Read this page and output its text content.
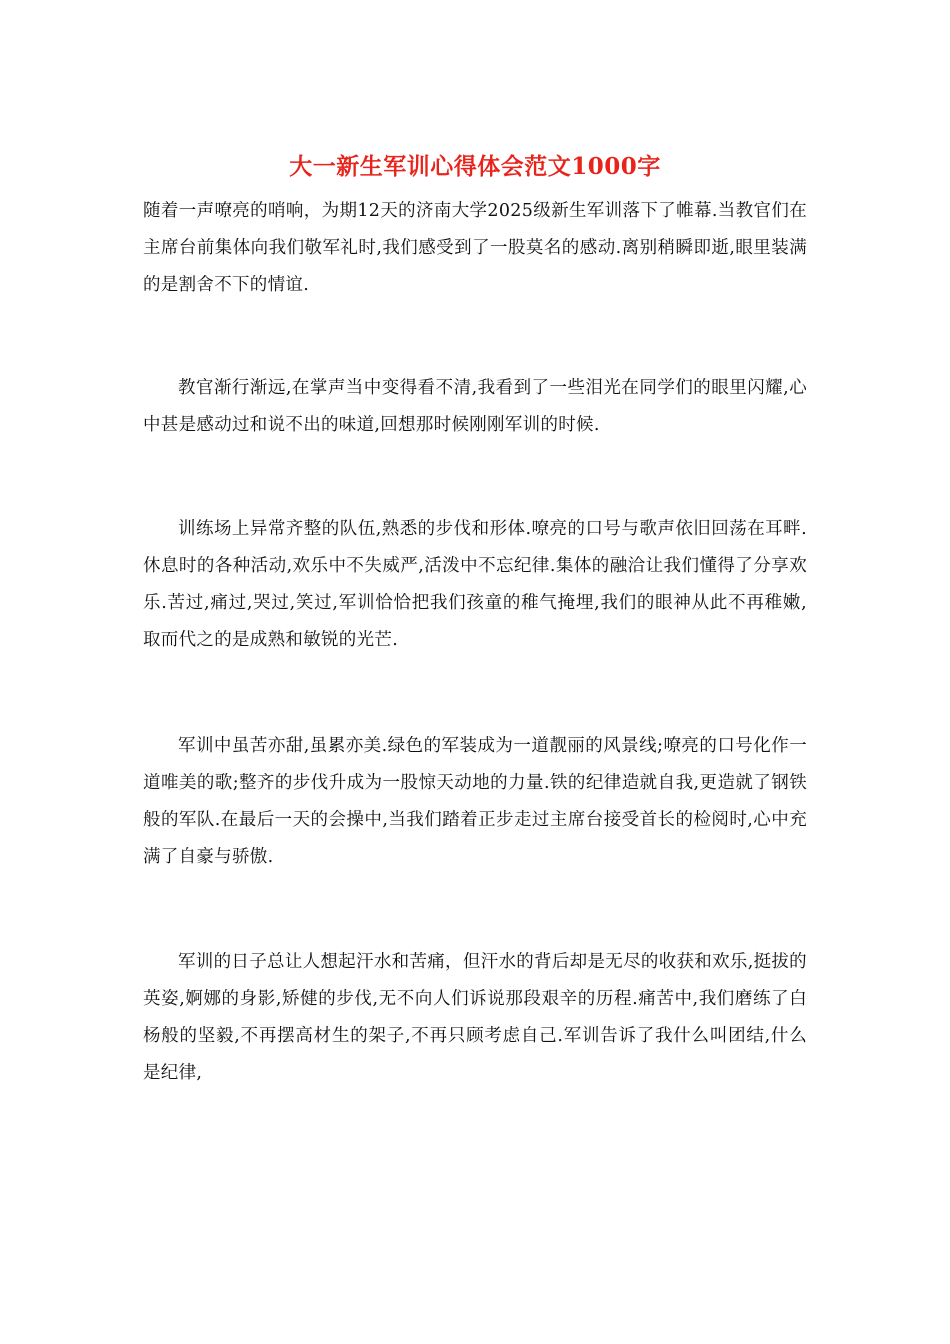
大一新生军训心得体会范文1000字

随着一声嘹亮的哨响，为期12天的济南大学2025级新生军训落下了帷幕.当教官们在主席台前集体向我们敬军礼时,我们感受到了一股莫名的感动.离别稍瞬即逝,眼里装满的是割舍不下的情谊.

教官渐行渐远,在掌声当中变得看不清,我看到了一些泪光在同学们的眼里闪耀,心中甚是感动过和说不出的味道,回想那时候刚刚军训的时候.

训练场上异常齐整的队伍,熟悉的步伐和形体.嘹亮的口号与歌声依旧回荡在耳畔.休息时的各种活动,欢乐中不失威严,活泼中不忘纪律.集体的融洽让我们懂得了分享欢乐.苦过,痛过,哭过,笑过,军训恰恰把我们孩童的稚气掩埋,我们的眼神从此不再稚嫩,取而代之的是成熟和敏锐的光芒.

军训中虽苦亦甜,虽累亦美.绿色的军装成为一道靓丽的风景线;嘹亮的口号化作一道唯美的歌;整齐的步伐升成为一股惊天动地的力量.铁的纪律造就自我,更造就了钢铁般的军队.在最后一天的会操中,当我们踏着正步走过主席台接受首长的检阅时,心中充满了自豪与骄傲.

军训的日子总让人想起汗水和苦痛，但汗水的背后却是无尽的收获和欢乐,挺拔的英姿,婀娜的身影,矫健的步伐,无不向人们诉说那段艰辛的历程.痛苦中,我们磨练了白杨般的坚毅,不再摆高材生的架子,不再只顾考虑自己.军训告诉了我什么叫团结,什么是纪律,
